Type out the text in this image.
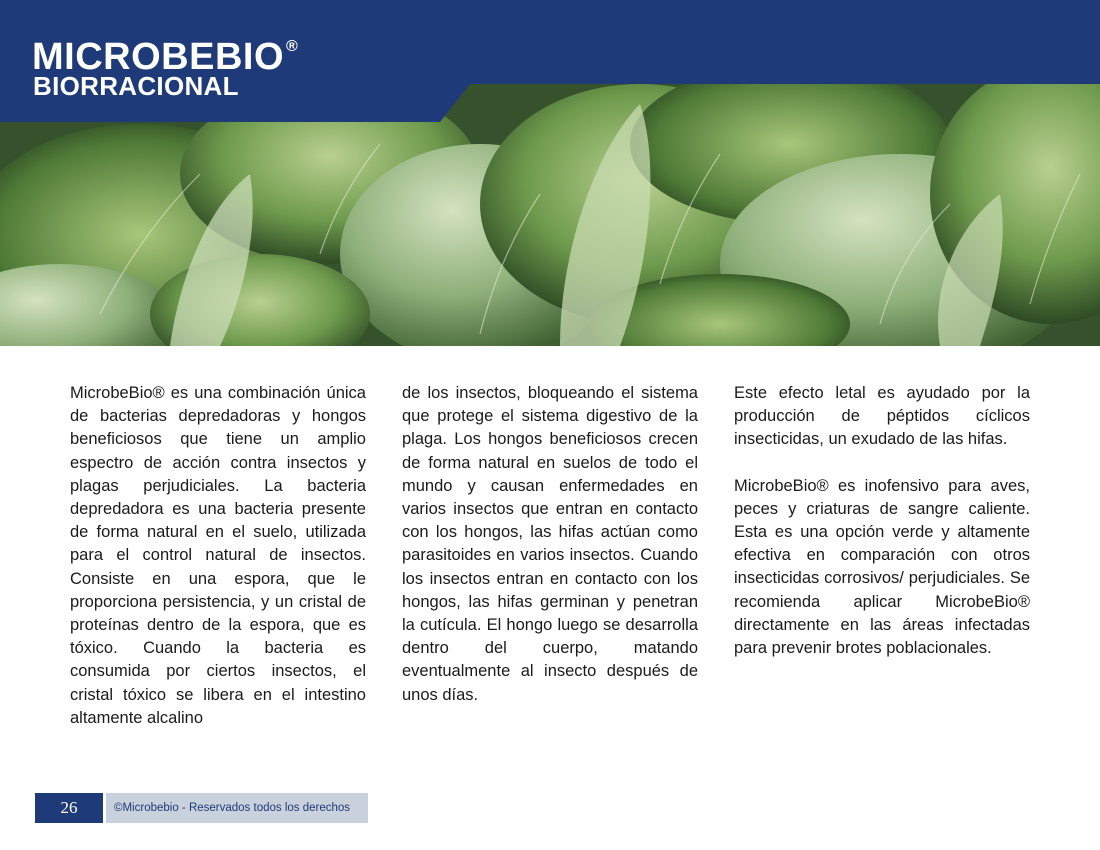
MICROBEBIO ®
BIORRACIONAL

MicrobeBio® es una combinación única de bacterias depredadoras y hongos beneficiosos que tiene un amplio espectro de acción contra insectos y plagas perjudiciales. La bacteria depredadora es una bacteria presente de forma natural en el suelo, utilizada para el control natural de insectos. Consiste en una espora, que le proporciona persistencia, y un cristal de proteínas dentro de la espora, que es tóxico. Cuando la bacteria es consumida por ciertos insectos, el cristal tóxico se libera en el intestino altamente alcalino

de los insectos, bloqueando el sistema que protege el sistema digestivo de la plaga. Los hongos beneficiosos crecen de forma natural en suelos de todo el mundo y causan enfermedades en varios insectos que entran en contacto con los hongos, las hifas actúan como parasitoides en varios insectos. Cuando los insectos entran en contacto con los hongos, las hifas germinan y penetran la cutícula. El hongo luego se desarrolla dentro del cuerpo, matando eventualmente al insecto después de unos días.

Este efecto letal es ayudado por la producción de péptidos cíclicos insecticidas, un exudado de las hifas.

MicrobeBio® es inofensivo para aves, peces y criaturas de sangre caliente. Esta es una opción verde y altamente efectiva en comparación con otros insecticidas corrosivos/ perjudiciales. Se recomienda aplicar MicrobeBio® directamente en las áreas infectadas para prevenir brotes poblacionales.

26	©Microbebio - Reservados todos los derechos
